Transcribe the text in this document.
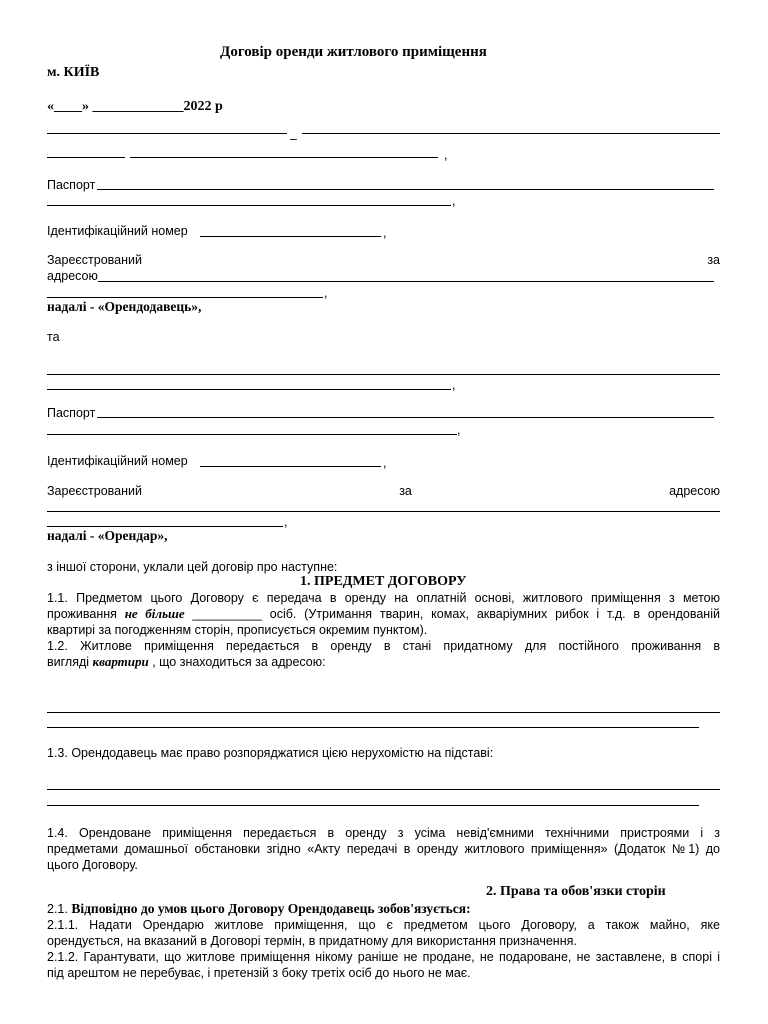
Договір оренди житлового приміщення
м. КИЇВ
«____» _____________2022 р
–
,
Паспорт
,
Ідентифікаційний номер	,
Зареєстрований	за
адресою
,
надалі - «Орендодавець»,
та
,
Паспорт
,
Ідентифікаційний номер	,
Зареєстрований	за	адресою
,
надалі - «Орендар»,
з іншої сторони, уклали цей договір про наступне:
1. ПРЕДМЕТ ДОГОВОРУ
1.1. Предметом цього Договору є передача в оренду на оплатній основі, житлового приміщення з метою
проживання не більше __________ осіб. (Утримання тварин, комах, акваріумних рибок і т.д. в орендованій
квартирі за погодженням сторін, прописується окремим пунктом).
1.2. Житлове приміщення передається в оренду в стані придатному для постійного проживання в
вигляді квартири , що знаходиться за адресою:
1.3. Орендодавець має право розпоряджатися цією нерухомістю на підставі:
1.4. Орендоване приміщення передається в оренду з усіма невід'ємними технічними пристроями і з
предметами домашньої обстановки згідно «Акту передачі в оренду житлового приміщення» (Додаток №1) до
цього Договору.
2. Права та обов'язки сторін
2.1. Відповідно до умов цього Договору Орендодавець зобов'язується:
2.1.1. Надати Орендарю житлове приміщення, що є предметом цього Договору, а також майно, яке
орендується, на вказаний в Договорі термін, в придатному для використання призначення.
2.1.2. Гарантувати, що житлове приміщення нікому раніше не продане, не подароване, не заставлене, в спорі і
під арештом не перебуває, і претензій з боку третіх осіб до нього не має.
